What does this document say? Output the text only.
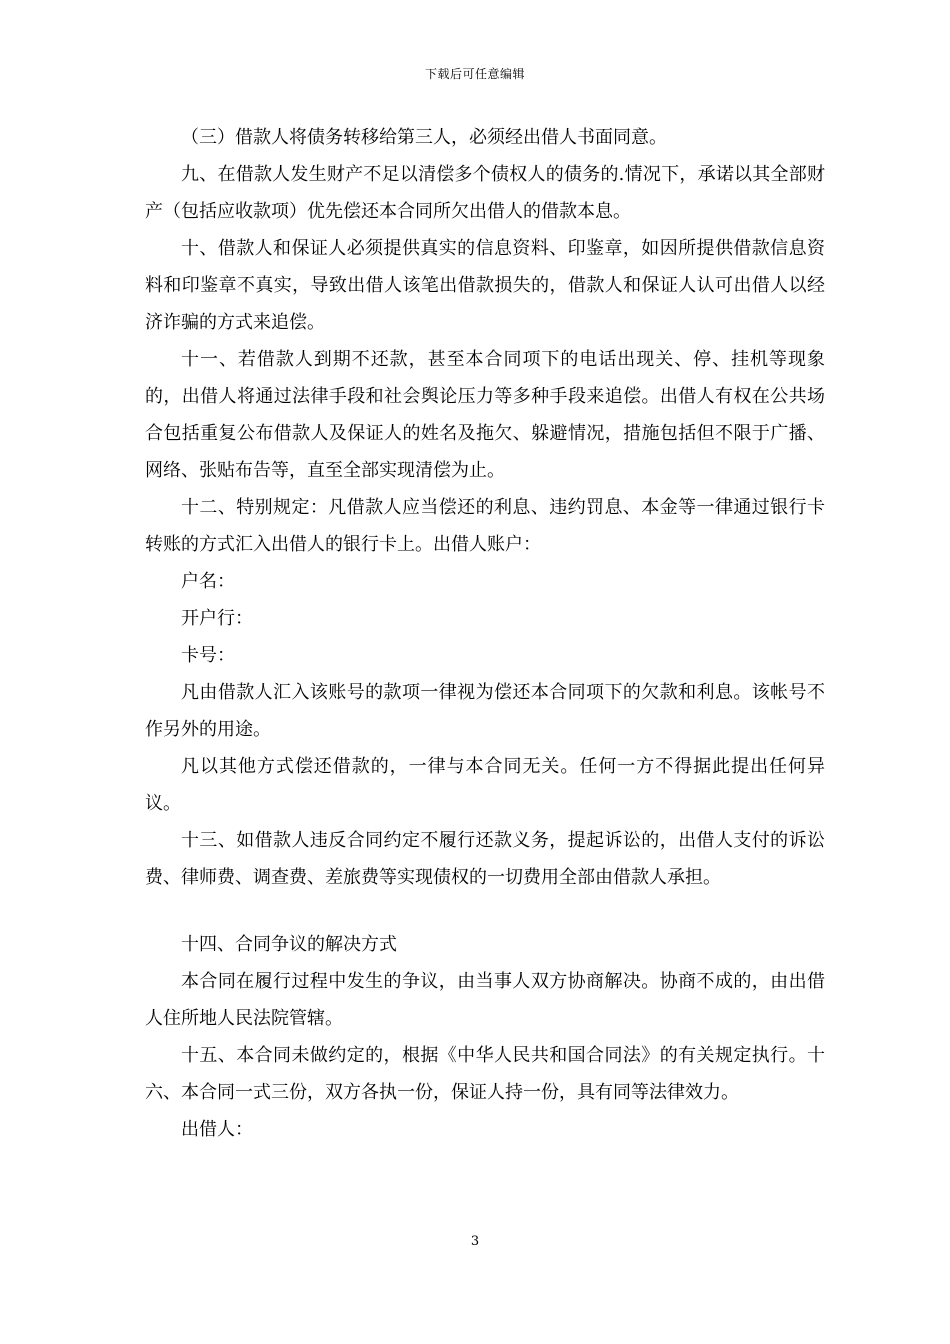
下载后可任意编辑

（三）借款人将债务转移给第三人，必须经出借人书面同意。

九、在借款人发生财产不足以清偿多个债权人的债务的.情况下，承诺以其全部财产（包括应收款项）优先偿还本合同所欠出借人的借款本息。

十、借款人和保证人必须提供真实的信息资料、印鉴章，如因所提供借款信息资料和印鉴章不真实，导致出借人该笔出借款损失的，借款人和保证人认可出借人以经济诈骗的方式来追偿。

十一、若借款人到期不还款，甚至本合同项下的电话出现关、停、挂机等现象的，出借人将通过法律手段和社会舆论压力等多种手段来追偿。出借人有权在公共场合包括重复公布借款人及保证人的姓名及拖欠、躲避情况，措施包括但不限于广播、网络、张贴布告等，直至全部实现清偿为止。

十二、特别规定：凡借款人应当偿还的利息、违约罚息、本金等一律通过银行卡转账的方式汇入出借人的银行卡上。出借人账户：

户名：

开户行：

卡号：

凡由借款人汇入该账号的款项一律视为偿还本合同项下的欠款和利息。该帐号不作另外的用途。

凡以其他方式偿还借款的，一律与本合同无关。任何一方不得据此提出任何异议。

十三、如借款人违反合同约定不履行还款义务，提起诉讼的，出借人支付的诉讼费、律师费、调查费、差旅费等实现债权的一切费用全部由借款人承担。

十四、合同争议的解决方式

本合同在履行过程中发生的争议，由当事人双方协商解决。协商不成的，由出借人住所地人民法院管辖。

十五、本合同未做约定的，根据《中华人民共和国合同法》的有关规定执行。十六、本合同一式三份，双方各执一份，保证人持一份，具有同等法律效力。

出借人：

3
